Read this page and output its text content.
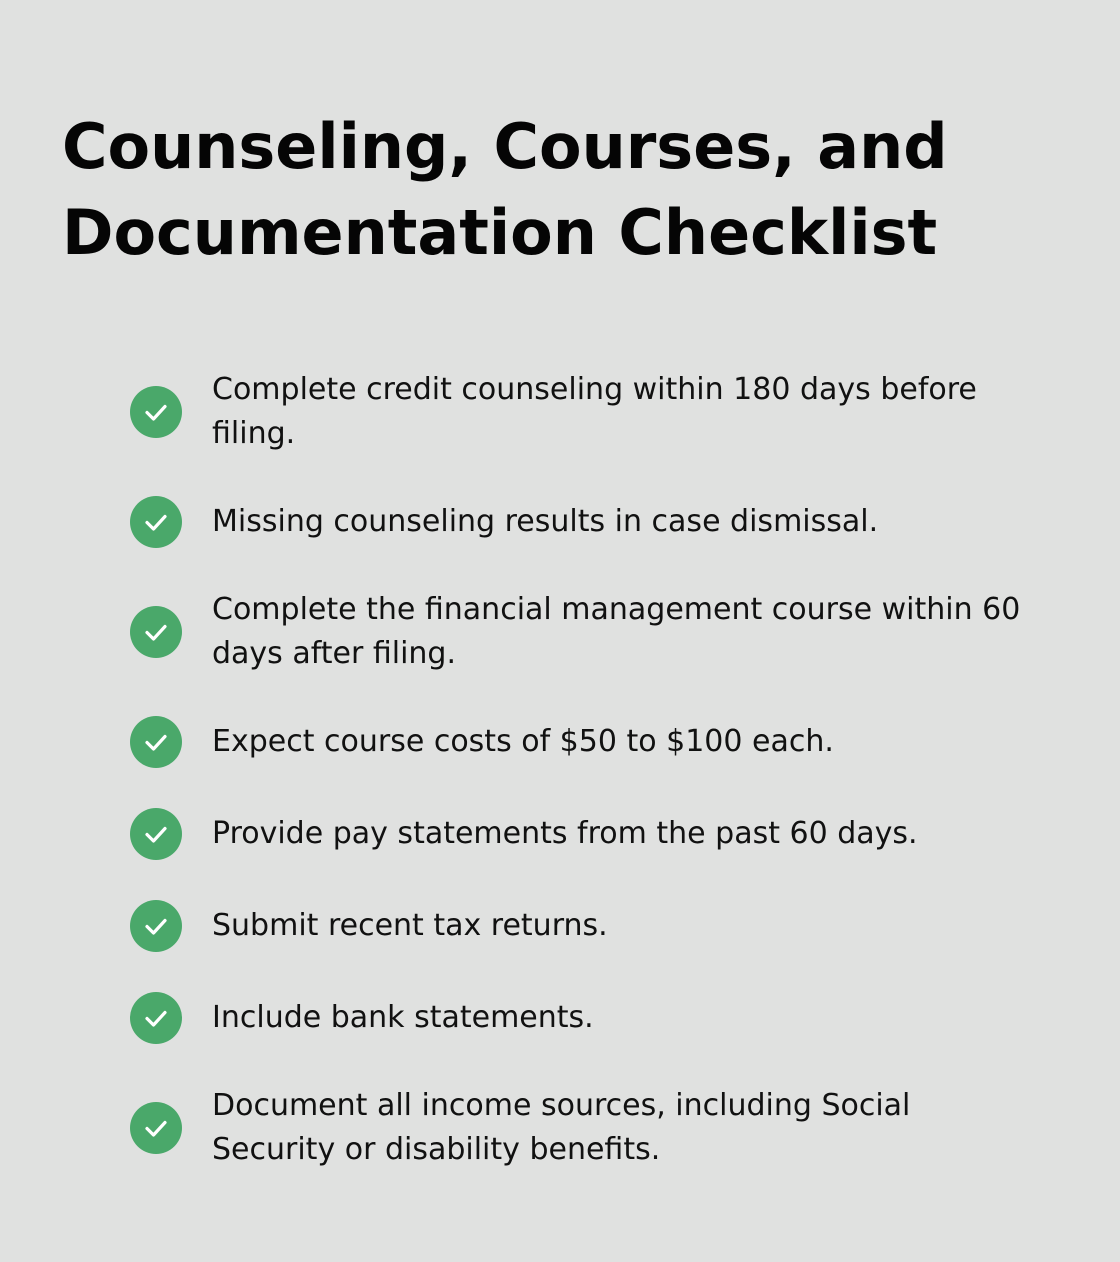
Counseling, Courses, and
Documentation Checklist
Complete credit counseling within 180 days before filing.
Missing counseling results in case dismissal.
Complete the financial management course within 60 days after filing.
Expect course costs of $50 to $100 each.
Provide pay statements from the past 60 days.
Submit recent tax returns.
Include bank statements.
Document all income sources, including Social Security or disability benefits.
